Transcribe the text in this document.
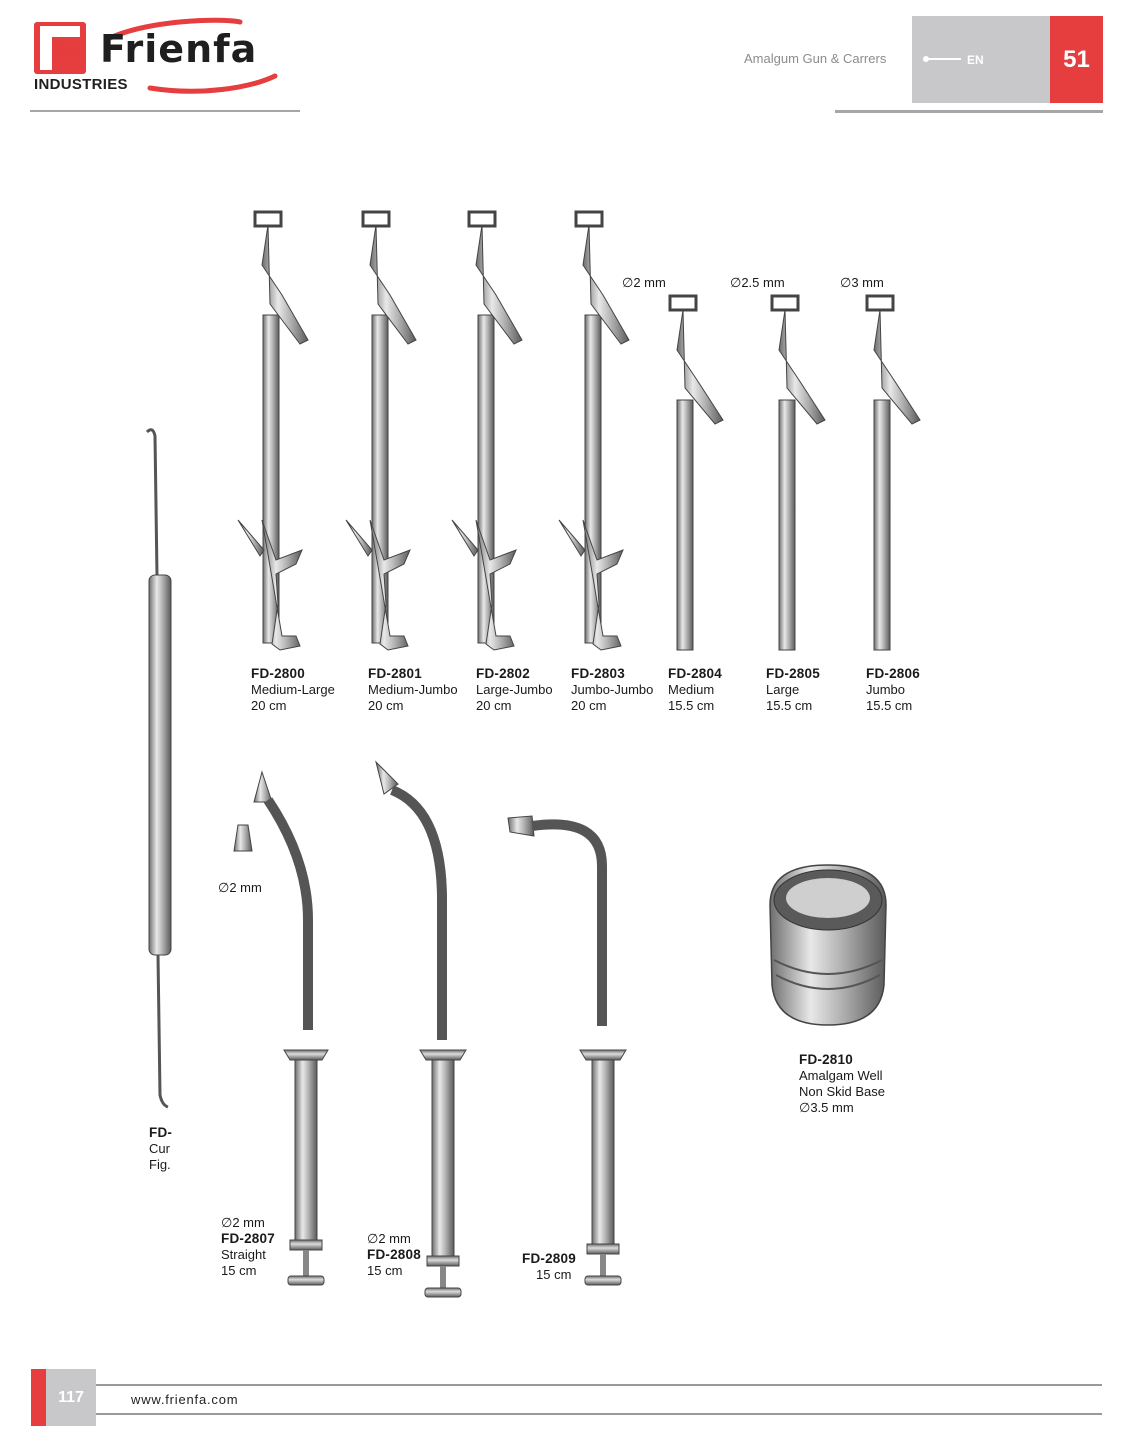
Frienfa
INDUSTRIES
Amalgum Gun & Carrers	EN	51
∅2 mm	∅2.5 mm	∅3 mm
FD-2800
Medium-Large
20 cm
FD-2801
Medium-Jumbo
20 cm
FD-2802
Large-Jumbo
20 cm
FD-2803
Jumbo-Jumbo
20 cm
FD-2804
Medium
15.5 cm
FD-2805
Large
15.5 cm
FD-2806
Jumbo
15.5 cm
FD-
Cur
Fig.
∅2 mm
∅2 mm
FD-2807
Straight
15 cm
∅2 mm
FD-2808
15 cm
FD-2809
15 cm
FD-2810
Amalgam Well
Non Skid Base
∅3.5 mm
117	www.frienfa.com
